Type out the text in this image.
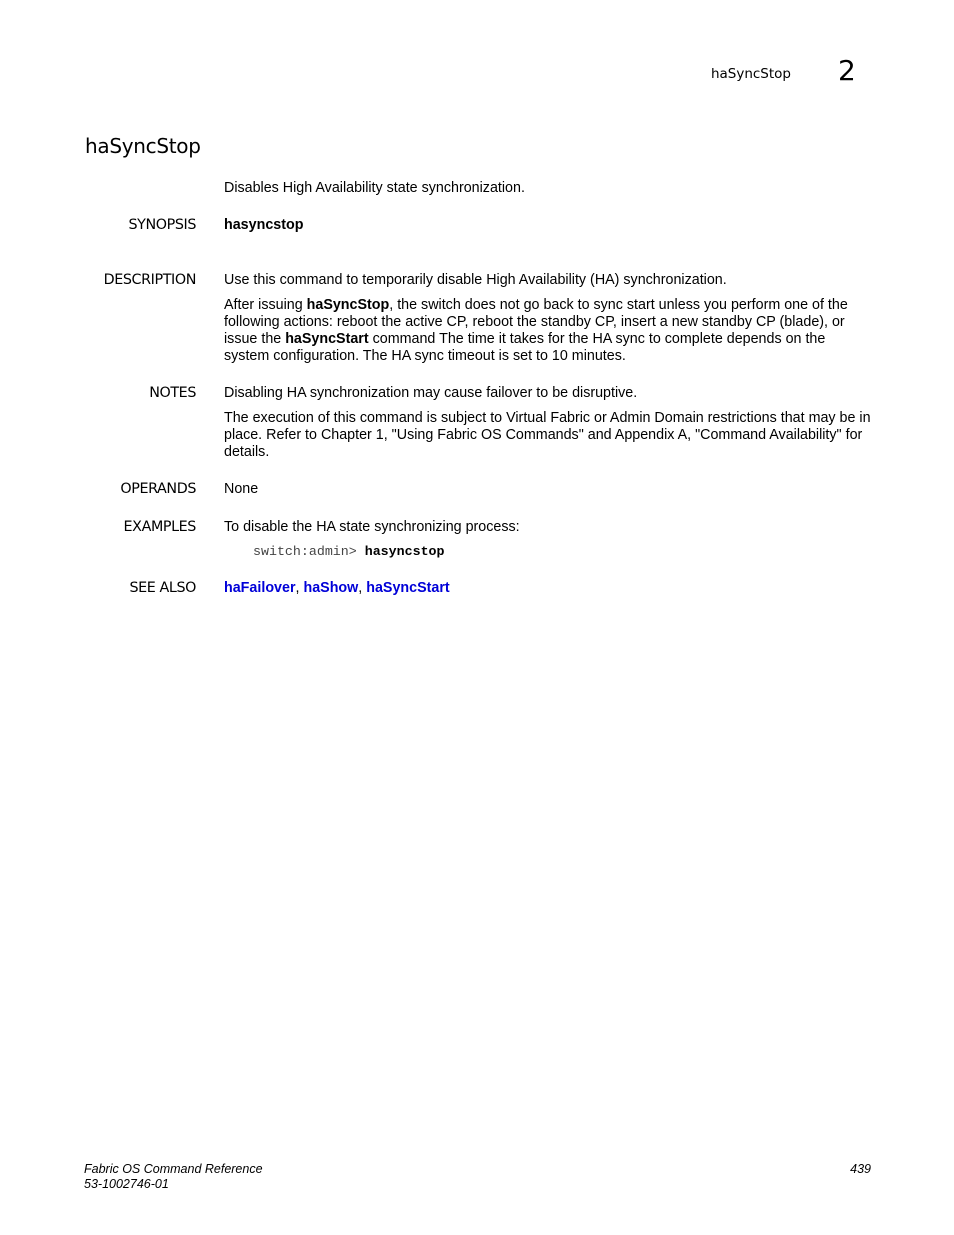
haSyncStop 2
haSyncStop
Disables High Availability state synchronization.
SYNOPSIS hasyncstop
DESCRIPTION Use this command to temporarily disable High Availability (HA) synchronization.
After issuing haSyncStop, the switch does not go back to sync start unless you perform one of the following actions: reboot the active CP, reboot the standby CP, insert a new standby CP (blade), or issue the haSyncStart command The time it takes for the HA sync to complete depends on the system configuration. The HA sync timeout is set to 10 minutes.
NOTES Disabling HA synchronization may cause failover to be disruptive.
The execution of this command is subject to Virtual Fabric or Admin Domain restrictions that may be in place. Refer to Chapter 1, "Using Fabric OS Commands" and Appendix A, "Command Availability" for details.
OPERANDS None
EXAMPLES To disable the HA state synchronizing process:
switch:admin> hasyncstop
SEE ALSO haFailover, haShow, haSyncStart
Fabric OS Command Reference
53-1002746-01
439
